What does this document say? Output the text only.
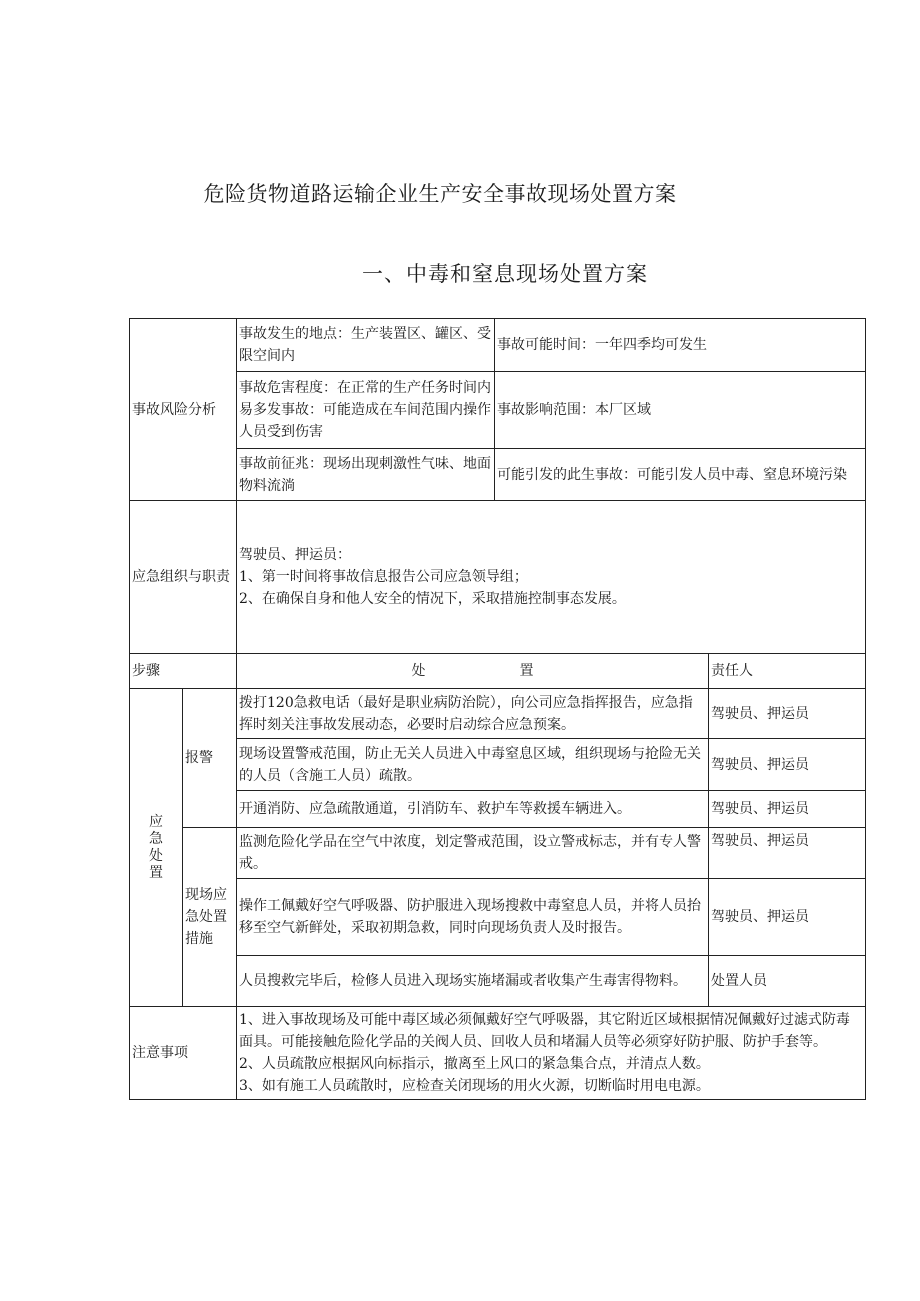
危险货物道路运输企业生产安全事故现场处置方案
一、中毒和窒息现场处置方案
事故风险分析		事故发生的地点：生产装置区、罐区、受限空间内	事故可能时间：一年四季均可发生	
		事故危害程度：在正常的生产任务时间内易多发事故：可能造成在车间范围内操作人员受到伤害	事故影响范围：本厂区域	
		事故前征兆：现场出现刺激性气味、地面物料流淌	可能引发的此生事故：可能引发人员中毒、窒息环境污染	
应急组织与职责		驾驶员、押运员：

1、第一时间将事故信息报告公司应急领导组；

2、在确保自身和他人安全的情况下，采取措施控制事态发展。		

步骤		处 置		责任人

应
急
处
置	报警	拨打120急救电话（最好是职业病防治院），向公司应急指挥报告，应急指挥时刻关注事故发展动态，必要时启动综合应急预案。		驾驶员、押运员
		现场设置警戒范围，防止无关人员进入中毒窒息区域，组织现场与抢险无关的人员（含施工人员）疏散。		驾驶员、押运员
		开通消防、应急疏散通道，引消防车、救护车等救援车辆进入。		驾驶员、押运员
	现场应急处置措施	监测危险化学品在空气中浓度，划定警戒范围，设立警戒标志，并有专人警戒。		驾驶员、押运员
		操作工佩戴好空气呼吸器、防护服进入现场搜救中毒窒息人员，并将人员抬移至空气新鲜处，采取初期急救，同时向现场负责人及时报告。		驾驶员、押运员
		人员搜救完毕后，检修人员进入现场实施堵漏或者收集产生毒害得物料。		处置人员
注意事项		1、进入事故现场及可能中毒区域必须佩戴好空气呼吸器，其它附近区域根据情况佩戴好过滤式防毒面具。可能接触危险化学品的关阀人员、回收人员和堵漏人员等必须穿好防护服、防护手套等。

2、人员疏散应根据风向标指示，撤离至上风口的紧急集合点，并清点人数。

3、如有施工人员疏散时，应检查关闭现场的用火火源，切断临时用电电源。		
